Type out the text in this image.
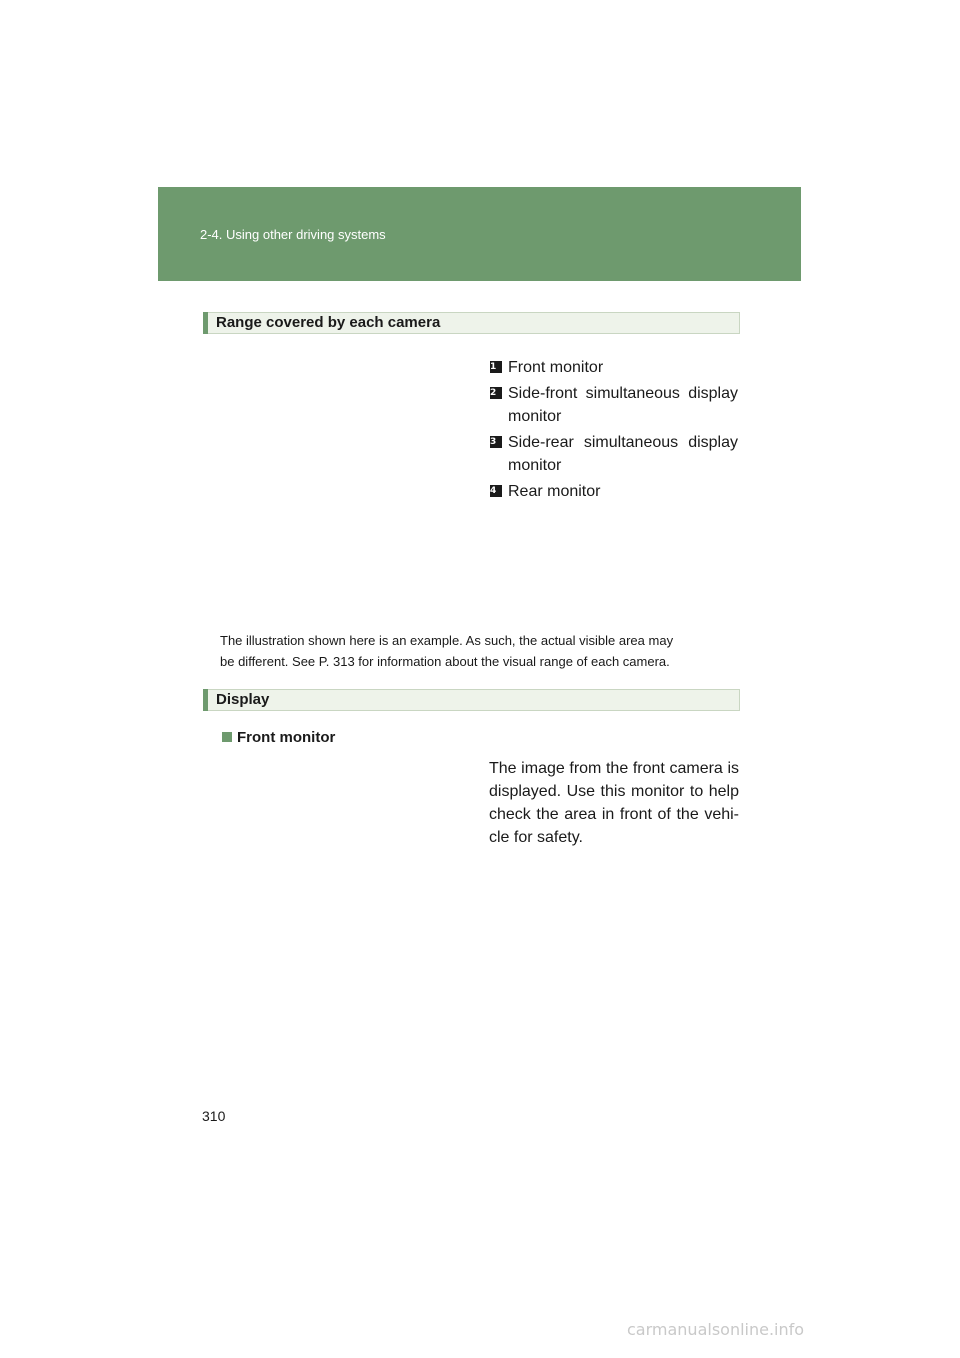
2-4. Using other driving systems
Range covered by each camera
1 Front monitor
2 Side-front simultaneous display
monitor
3 Side-rear simultaneous display
monitor
4 Rear monitor
The illustration shown here is an example. As such, the actual visible area may
be different. See P. 313 for information about the visual range of each camera.
Display
Front monitor
The image from the front camera is displayed. Use this monitor to help check the area in front of the vehi-cle for safety.
310
carmanualsonline.info
